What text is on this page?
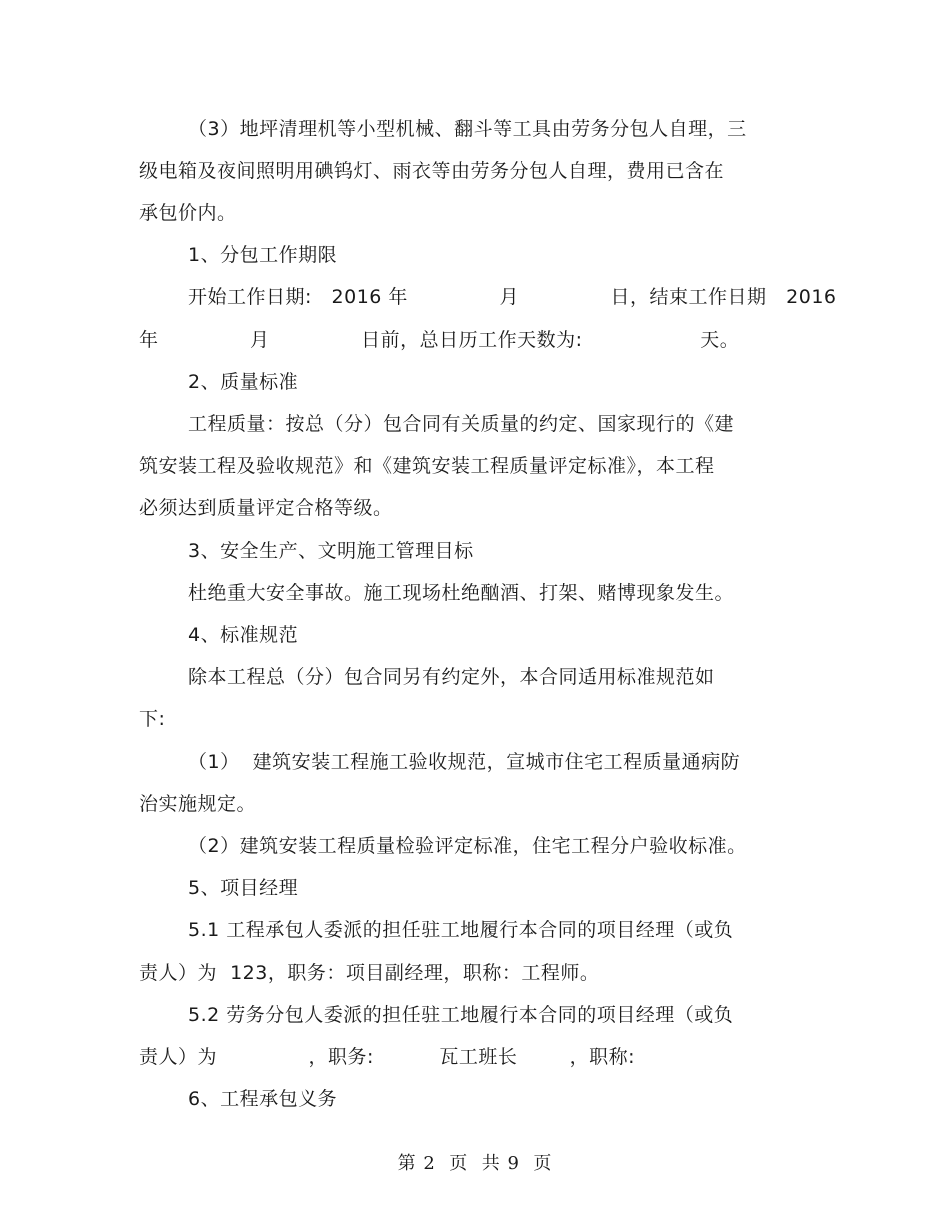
（3）地坪清理机等小型机械、翻斗等工具由劳务分包人自理，三
级电箱及夜间照明用碘钨灯、雨衣等由劳务分包人自理，费用已含在
承包价内。
1、分包工作期限
开始工作日期:   2016 年              月              日，结束工作日期   2016
年              月              日前，总日历工作天数为:                  天。
2、质量标准
工程质量：按总（分）包合同有关质量的约定、国家现行的《建
筑安装工程及验收规范》和《建筑安装工程质量评定标准》，本工程
必须达到质量评定合格等级。
3、安全生产、文明施工管理目标
杜绝重大安全事故。施工现场杜绝酗酒、打架、赌博现象发生。
4、标准规范
除本工程总（分）包合同另有约定外，本合同适用标准规范如
下:
（1）  建筑安装工程施工验收规范，宣城市住宅工程质量通病防
治实施规定。
（2）建筑安装工程质量检验评定标准，住宅工程分户验收标准。
5、项目经理
5.1 工程承包人委派的担任驻工地履行本合同的项目经理（或负
责人）为  123，职务：项目副经理，职称：工程师。
5.2 劳务分包人委派的担任驻工地履行本合同的项目经理（或负
责人）为              ，职务:          瓦工班长        ，职称:
6、工程承包义务
第 2  页  共 9  页
